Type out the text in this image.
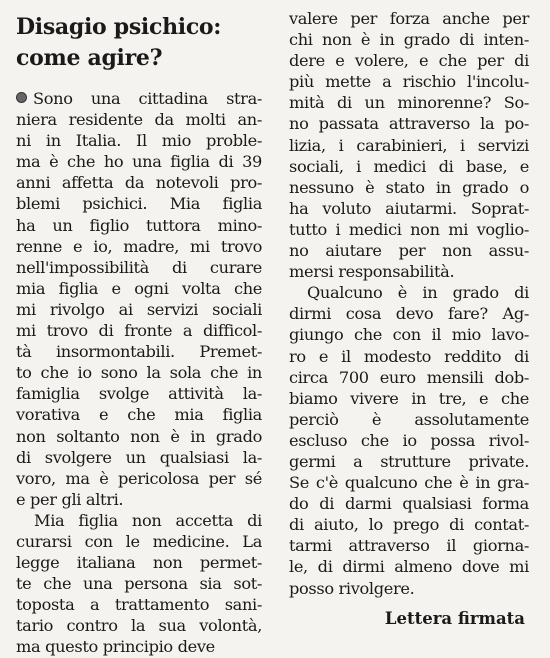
Disagio psichico:
come agire?
Sono una cittadina stra-
niera residente da molti an-
ni in Italia. Il mio proble-
ma è che ho una figlia di 39
anni affetta da notevoli pro-
blemi psichici. Mia figlia
ha un figlio tuttora mino-
renne e io, madre, mi trovo
nell'impossibilità di curare
mia figlia e ogni volta che
mi rivolgo ai servizi sociali
mi trovo di fronte a difficol-
tà insormontabili. Premet-
to che io sono la sola che in
famiglia svolge attività la-
vorativa e che mia figlia
non soltanto non è in grado
di svolgere un qualsiasi la-
voro, ma è pericolosa per sé
e per gli altri.
Mia figlia non accetta di
curarsi con le medicine. La
legge italiana non permet-
te che una persona sia sot-
toposta a trattamento sani-
tario contro la sua volontà,
ma questo principio deve
valere per forza anche per
chi non è in grado di inten-
dere e volere, e che per di
più mette a rischio l'incolu-
mità di un minorenne? So-
no passata attraverso la po-
lizia, i carabinieri, i servizi
sociali, i medici di base, e
nessuno è stato in grado o
ha voluto aiutarmi. Soprat-
tutto i medici non mi voglio-
no aiutare per non assu-
mersi responsabilità.
Qualcuno è in grado di
dirmi cosa devo fare? Ag-
giungo che con il mio lavo-
ro e il modesto reddito di
circa 700 euro mensili dob-
biamo vivere in tre, e che
perciò è assolutamente
escluso che io possa rivol-
germi a strutture private.
Se c'è qualcuno che è in gra-
do di darmi qualsiasi forma
di aiuto, lo prego di contat-
tarmi attraverso il giorna-
le, di dirmi almeno dove mi
posso rivolgere.
Lettera firmata
